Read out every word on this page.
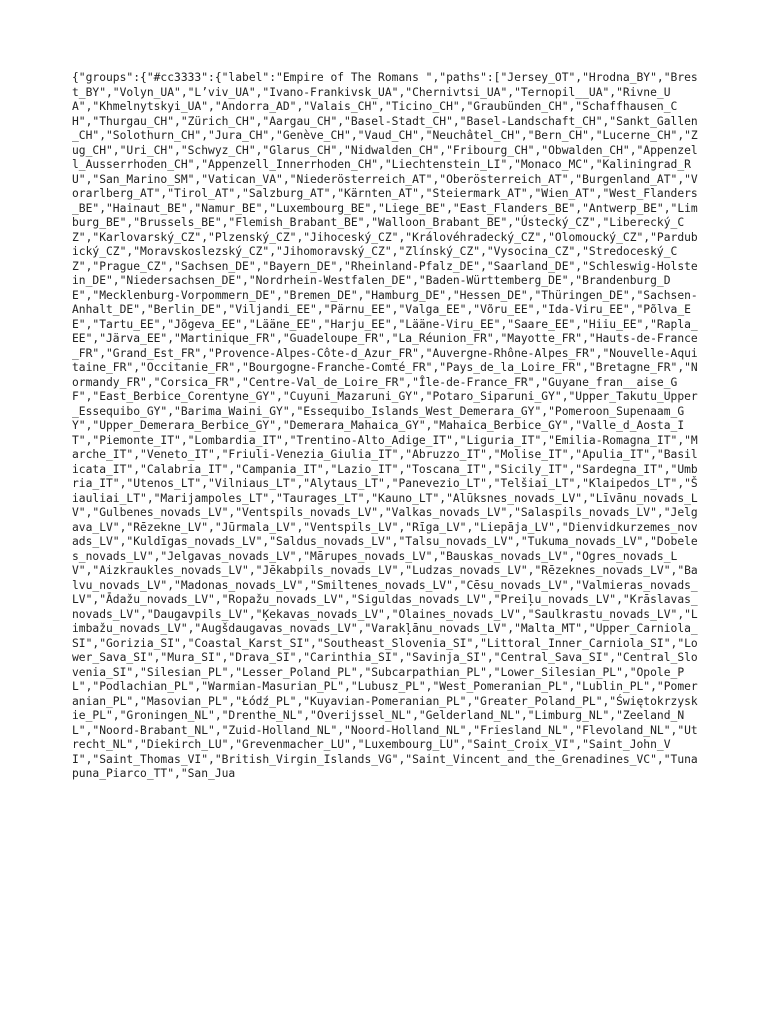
{"groups":{"#cc3333":{"label":"Empire of The Romans ","paths":["Jersey_OT","Hrodna_BY","Brest_BY","Volyn_UA","L’viv_UA","Ivano-Frankivsk_UA","Chernivtsi_UA","Ternopil__UA","Rivne_UA","Khmelnytskyi_UA","Andorra_AD","Valais_CH","Ticino_CH","Graubünden_CH","Schaffhausen_CH","Thurgau_CH","Zürich_CH","Aargau_CH","Basel-Stadt_CH","Basel-Landschaft_CH","Sankt_Gallen_CH","Solothurn_CH","Jura_CH","Genève_CH","Vaud_CH","Neuchâtel_CH","Bern_CH","Lucerne_CH","Zug_CH","Uri_CH","Schwyz_CH","Glarus_CH","Nidwalden_CH","Fribourg_CH","Obwalden_CH","Appenzell_Ausserrhoden_CH","Appenzell_Innerrhoden_CH","Liechtenstein_LI","Monaco_MC","Kaliningrad_RU","San_Marino_SM","Vatican_VA","Niederösterreich_AT","Oberösterreich_AT","Burgenland_AT","Vorarlberg_AT","Tirol_AT","Salzburg_AT","Kärnten_AT","Steiermark_AT","Wien_AT","West_Flanders_BE","Hainaut_BE","Namur_BE","Luxembourg_BE","Liege_BE","East_Flanders_BE","Antwerp_BE","Limburg_BE","Brussels_BE","Flemish_Brabant_BE","Walloon_Brabant_BE","Ústecký_CZ","Liberecký_CZ","Karlovarský_CZ","Plzenský_CZ","Jihoceský_CZ","Královéhradecký_CZ","Olomoucký_CZ","Pardubický_CZ","Moravskoslezský_CZ","Jihomoravský_CZ","Zlínský_CZ","Vysocina_CZ","Stredoceský_CZ","Prague_CZ","Sachsen_DE","Bayern_DE","Rheinland-Pfalz_DE","Saarland_DE","Schleswig-Holstein_DE","Niedersachsen_DE","Nordrhein-Westfalen_DE","Baden-Württemberg_DE","Brandenburg_DE","Mecklenburg-Vorpommern_DE","Bremen_DE","Hamburg_DE","Hessen_DE","Thüringen_DE","Sachsen-Anhalt_DE","Berlin_DE","Viljandi_EE","Pärnu_EE","Valga_EE","Võru_EE","Ida-Viru_EE","Põlva_EE","Tartu_EE","Jõgeva_EE","Lääne_EE","Harju_EE","Lääne-Viru_EE","Saare_EE","Hiiu_EE","Rapla_EE","Järva_EE","Martinique_FR","Guadeloupe_FR","La_Réunion_FR","Mayotte_FR","Hauts-de-France_FR","Grand_Est_FR","Provence-Alpes-Côte-d_Azur_FR","Auvergne-Rhône-Alpes_FR","Nouvelle-Aquitaine_FR","Occitanie_FR","Bourgogne-Franche-Comté_FR","Pays_de_la_Loire_FR","Bretagne_FR","Normandy_FR","Corsica_FR","Centre-Val_de_Loire_FR","Île-de-France_FR","Guyane_fran__aise_GF","East_Berbice_Corentyne_GY","Cuyuni_Mazaruni_GY","Potaro_Siparuni_GY","Upper_Takutu_Upper_Essequibo_GY","Barima_Waini_GY","Essequibo_Islands_West_Demerara_GY","Pomeroon_Supenaam_GY","Upper_Demerara_Berbice_GY","Demerara_Mahaica_GY","Mahaica_Berbice_GY","Valle_d_Aosta_IT","Piemonte_IT","Lombardia_IT","Trentino-Alto_Adige_IT","Liguria_IT","Emilia-Romagna_IT","Marche_IT","Veneto_IT","Friuli-Venezia_Giulia_IT","Abruzzo_IT","Molise_IT","Apulia_IT","Basilicata_IT","Calabria_IT","Campania_IT","Lazio_IT","Toscana_IT","Sicily_IT","Sardegna_IT","Umbria_IT","Utenos_LT","Vilniaus_LT","Alytaus_LT","Panevezio_LT","Telšiai_LT","Klaipedos_LT","Šiauliai_LT","Marijampoles_LT","Taurages_LT","Kauno_LT","Alūksnes_novads_LV","Līvānu_novads_LV","Gulbenes_novads_LV","Ventspils_novads_LV","Valkas_novads_LV","Salaspils_novads_LV","Jelgava_LV","Rēzekne_LV","Jūrmala_LV","Ventspils_LV","Rīga_LV","Liepāja_LV","Dienvidkurzemes_novads_LV","Kuldīgas_novads_LV","Saldus_novads_LV","Talsu_novads_LV","Tukuma_novads_LV","Dobeles_novads_LV","Jelgavas_novads_LV","Mārupes_novads_LV","Bauskas_novads_LV","Ogres_novads_LV","Aizkraukles_novads_LV","Jēkabpils_novads_LV","Ludzas_novads_LV","Rēzeknes_novads_LV","Balvu_novads_LV","Madonas_novads_LV","Smiltenes_novads_LV","Cēsu_novads_LV","Valmieras_novads_LV","Ādažu_novads_LV","Ropažu_novads_LV","Siguldas_novads_LV","Preiļu_novads_LV","Krāslavas_novads_LV","Daugavpils_LV","Ķekavas_novads_LV","Olaines_novads_LV","Saulkrastu_novads_LV","Limbažu_novads_LV","Augšdaugavas_novads_LV","Varakļānu_novads_LV","Malta_MT","Upper_Carniola_SI","Gorizia_SI","Coastal_Karst_SI","Southeast_Slovenia_SI","Littoral_Inner_Carniola_SI","Lower_Sava_SI","Mura_SI","Drava_SI","Carinthia_SI","Savinja_SI","Central_Sava_SI","Central_Slovenia_SI","Silesian_PL","Lesser_Poland_PL","Subcarpathian_PL","Lower_Silesian_PL","Opole_PL","Podlachian_PL","Warmian-Masurian_PL","Lubusz_PL","West_Pomeranian_PL","Lublin_PL","Pomeranian_PL","Masovian_PL","Łódź_PL","Kuyavian-Pomeranian_PL","Greater_Poland_PL","Świętokrzyskie_PL","Groningen_NL","Drenthe_NL","Overijssel_NL","Gelderland_NL","Limburg_NL","Zeeland_NL","Noord-Brabant_NL","Zuid-Holland_NL","Noord-Holland_NL","Friesland_NL","Flevoland_NL","Utrecht_NL","Diekirch_LU","Grevenmacher_LU","Luxembourg_LU","Saint_Croix_VI","Saint_John_VI","Saint_Thomas_VI","British_Virgin_Islands_VG","Saint_Vincent_and_the_Grenadines_VC","Tunapuna_Piarco_TT","San_Jua
